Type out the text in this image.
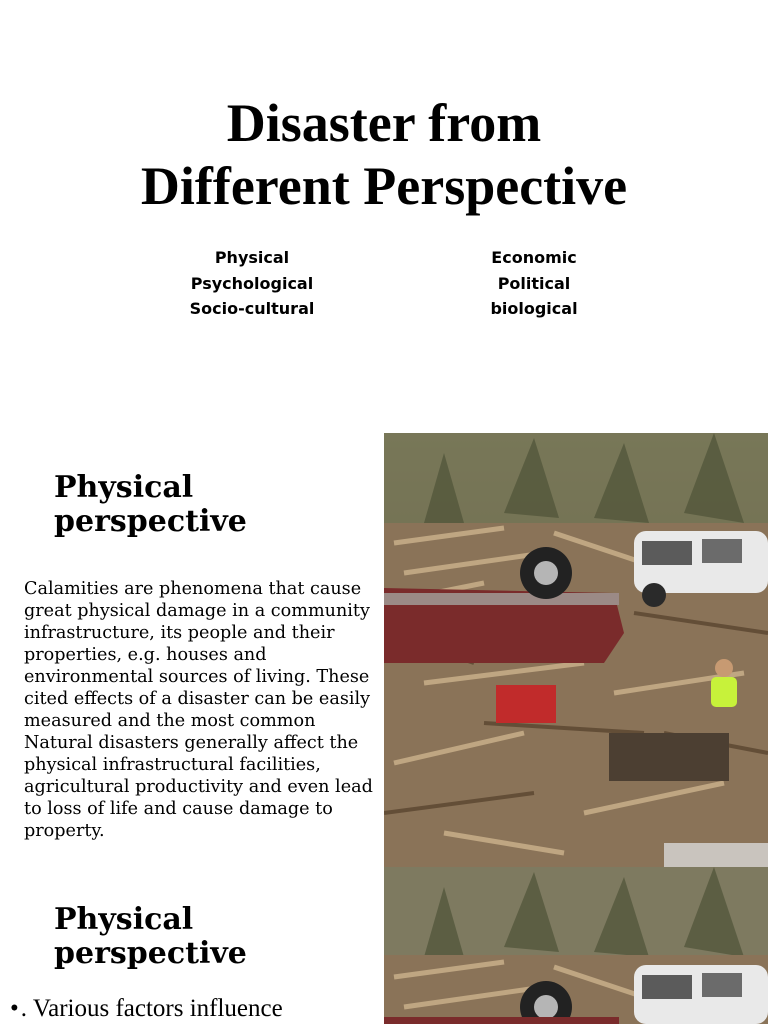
Disaster from
Different Perspective
Physical
Psychological
Socio-cultural
Economic
Political
biological
Physical
perspective

Calamities are phenomena that cause great physical damage in a community infrastructure, its people and their properties, e.g. houses and environmental sources of living. These cited effects of a disaster can be easily measured and the most common Natural disasters generally affect the physical infrastructural facilities, agricultural productivity and even lead to loss of life and cause damage to property.

Physical
perspective
•. Various factors influence
